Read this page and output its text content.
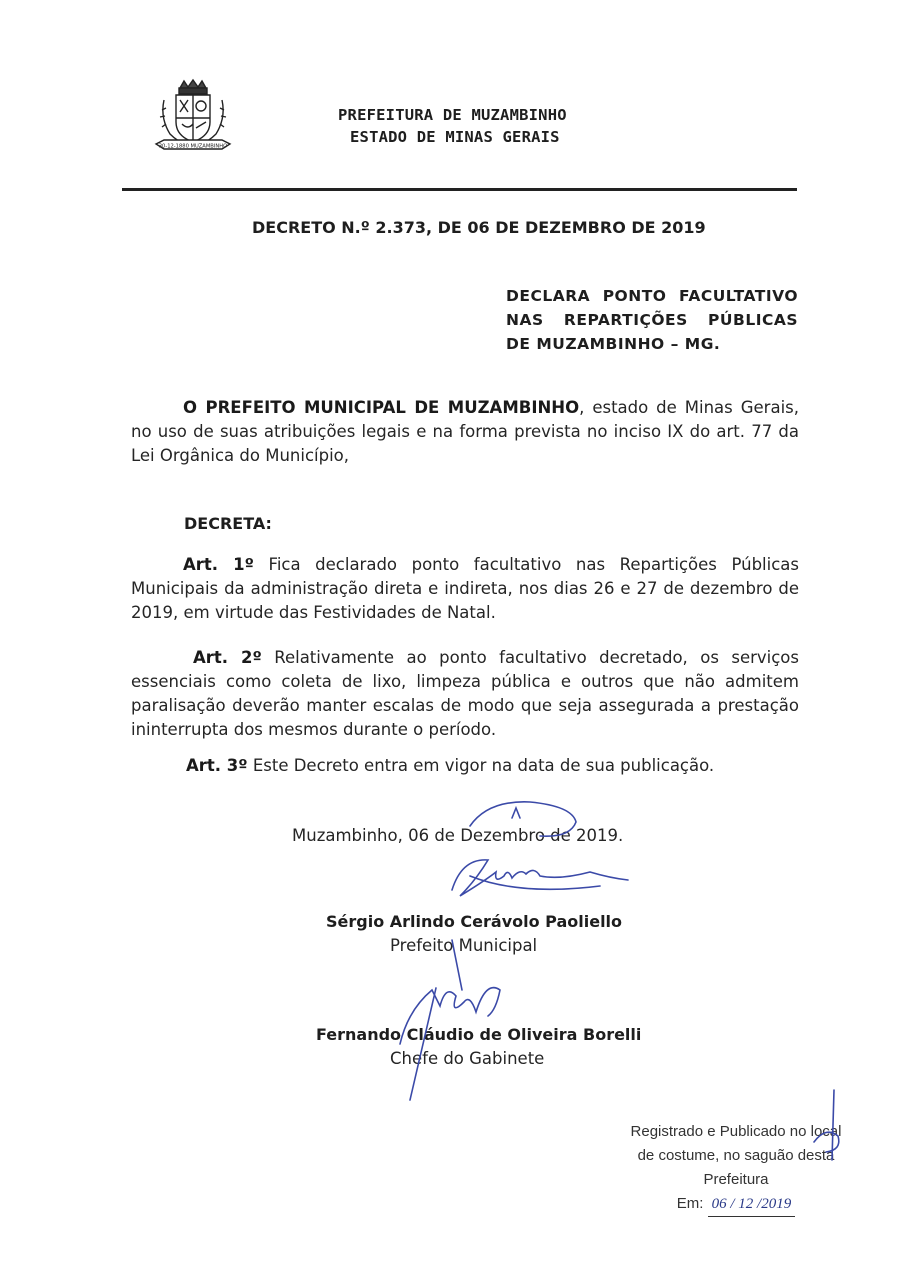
30-12-1880 MUZAMBINHO
PREFEITURA DE MUZAMBINHO
ESTADO DE MINAS GERAIS
DECRETO N.º 2.373, DE 06 DE DEZEMBRO DE 2019
DECLARA PONTO FACULTATIVO NAS REPARTIÇÕES PÚBLICAS DE MUZAMBINHO – MG.
O PREFEITO MUNICIPAL DE MUZAMBINHO, estado de Minas Gerais, no uso de suas atribuições legais e na forma prevista no inciso IX do art. 77 da Lei Orgânica do Município,
DECRETA:
Art. 1º Fica declarado ponto facultativo nas Repartições Públicas Municipais da administração direta e indireta, nos dias 26 e 27 de dezembro de 2019, em virtude das Festividades de Natal.
Art. 2º Relativamente ao ponto facultativo decretado, os serviços essenciais como coleta de lixo, limpeza pública e outros que não admitem paralisação deverão manter escalas de modo que seja assegurada a prestação ininterrupta dos mesmos durante o período.
Art. 3º Este Decreto entra em vigor na data de sua publicação.
Muzambinho, 06 de Dezembro de 2019.
Sérgio Arlindo Cerávolo Paoliello
Prefeito Municipal
Fernando Cláudio de Oliveira Borelli
Chefe do Gabinete
Registrado e Publicado no local
de costume, no saguão desta
Prefeitura
Em: 06 / 12 /2019
